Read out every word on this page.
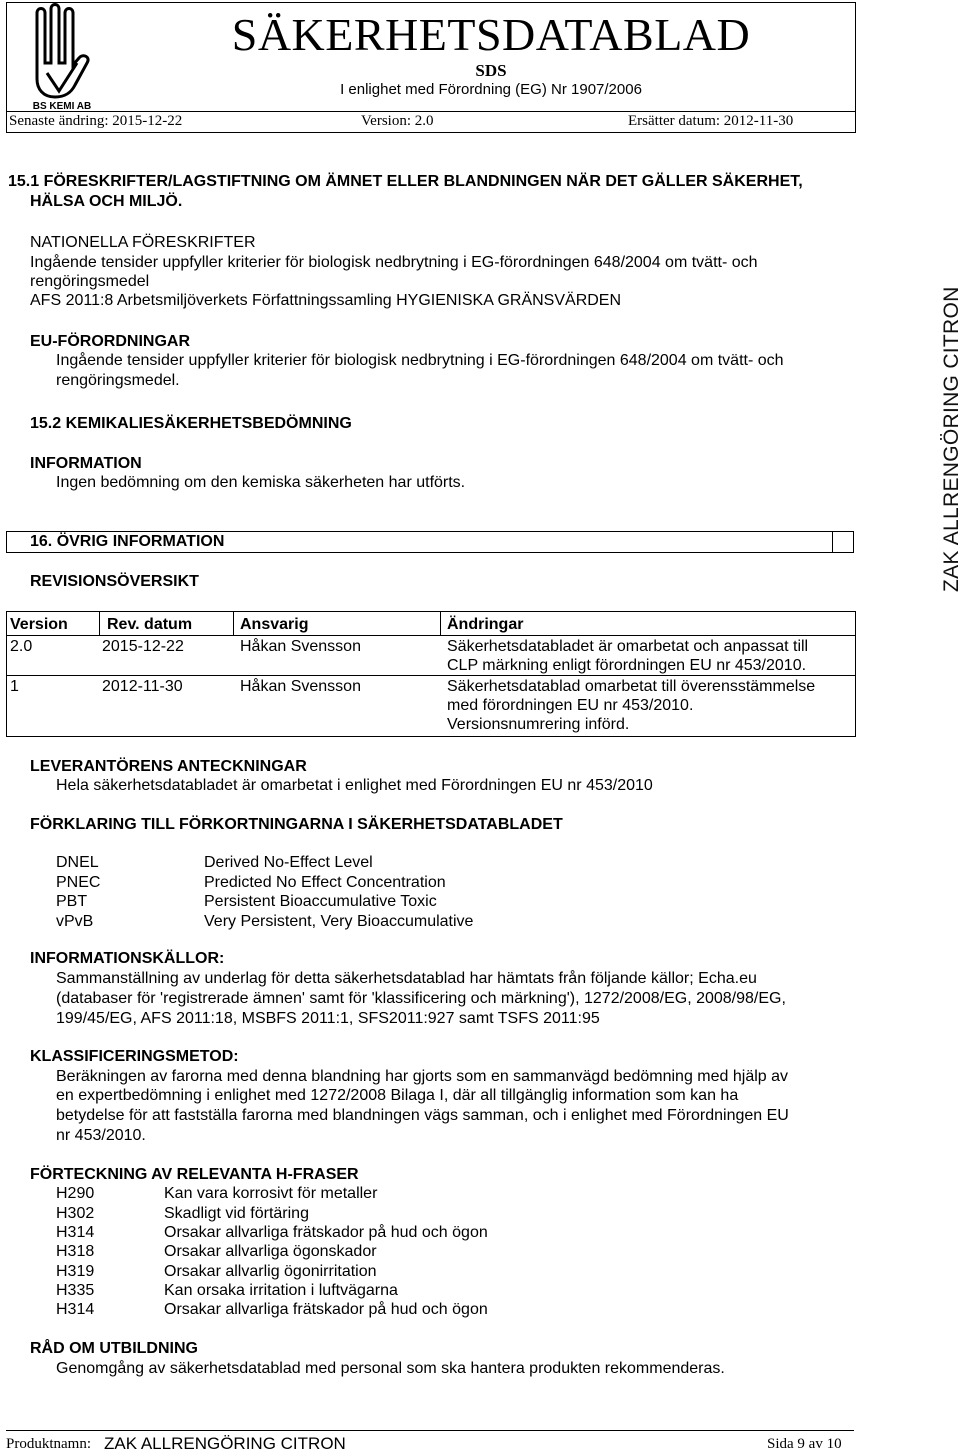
BS KEMI AB
SÄKERHETSDATABLAD
SDS
I enlighet med Förordning (EG) Nr 1907/2006
Senaste ändring: 2015-12-22	Version: 2.0	Ersätter datum: 2012-11-30
ZAK ALLRENGÖRING CITRON
15.1 FÖRESKRIFTER/LAGSTIFTNING OM ÄMNET ELLER BLANDNINGEN NÄR DET GÄLLER SÄKERHET,
HÄLSA OCH MILJÖ.
NATIONELLA FÖRESKRIFTER
Ingående tensider uppfyller kriterier för biologisk nedbrytning i EG-förordningen 648/2004 om tvätt- och
rengöringsmedel
AFS 2011:8 Arbetsmiljöverkets Författningssamling HYGIENISKA GRÄNSVÄRDEN
EU-FÖRORDNINGAR
Ingående tensider uppfyller kriterier för biologisk nedbrytning i EG-förordningen 648/2004 om tvätt- och
rengöringsmedel.
15.2 KEMIKALIESÄKERHETSBEDÖMNING
INFORMATION
Ingen bedömning om den kemiska säkerheten har utförts.
16. ÖVRIG INFORMATION
REVISIONSÖVERSIKT
Version Rev. datum	Ansvarig	Ändringar
2.0	2015-12-22	Håkan Svensson	Säkerhetsdatabladet är omarbetat och anpassat till
CLP märkning enligt förordningen EU nr 453/2010.
1	2012-11-30	Håkan Svensson	Säkerhetsdatablad omarbetat till överensstämmelse
med förordningen EU nr 453/2010.
Versionsnumrering införd.
LEVERANTÖRENS ANTECKNINGAR
Hela säkerhetsdatabladet är omarbetat i enlighet med Förordningen EU nr 453/2010
FÖRKLARING TILL FÖRKORTNINGARNA I SÄKERHETSDATABLADET
DNEL	Derived No-Effect Level
PNEC	Predicted No Effect Concentration
PBT	Persistent Bioaccumulative Toxic
vPvB	Very Persistent, Very Bioaccumulative
INFORMATIONSKÄLLOR:
Sammanställning av underlag för detta säkerhetsdatablad har hämtats från följande källor; Echa.eu
(databaser för 'registrerade ämnen' samt för 'klassificering och märkning'), 1272/2008/EG, 2008/98/EG,
199/45/EG, AFS 2011:18, MSBFS 2011:1, SFS2011:927 samt TSFS 2011:95
KLASSIFICERINGSMETOD:
Beräkningen av farorna med denna blandning har gjorts som en sammanvägd bedömning med hjälp av
en expertbedömning i enlighet med 1272/2008 Bilaga I, där all tillgänglig information som kan ha
betydelse för att fastställa farorna med blandningen vägs samman, och i enlighet med Förordningen EU
nr 453/2010.
FÖRTECKNING AV RELEVANTA H-FRASER
H290	Kan vara korrosivt för metaller
H302	Skadligt vid förtäring
H314	Orsakar allvarliga frätskador på hud och ögon
H318	Orsakar allvarliga ögonskador
H319	Orsakar allvarlig ögonirritation
H335	Kan orsaka irritation i luftvägarna
H314	Orsakar allvarliga frätskador på hud och ögon
RÅD OM UTBILDNING
Genomgång av säkerhetsdatablad med personal som ska hantera produkten rekommenderas.
Produktnamn: ZAK ALLRENGÖRING CITRON	Sida 9 av 10
